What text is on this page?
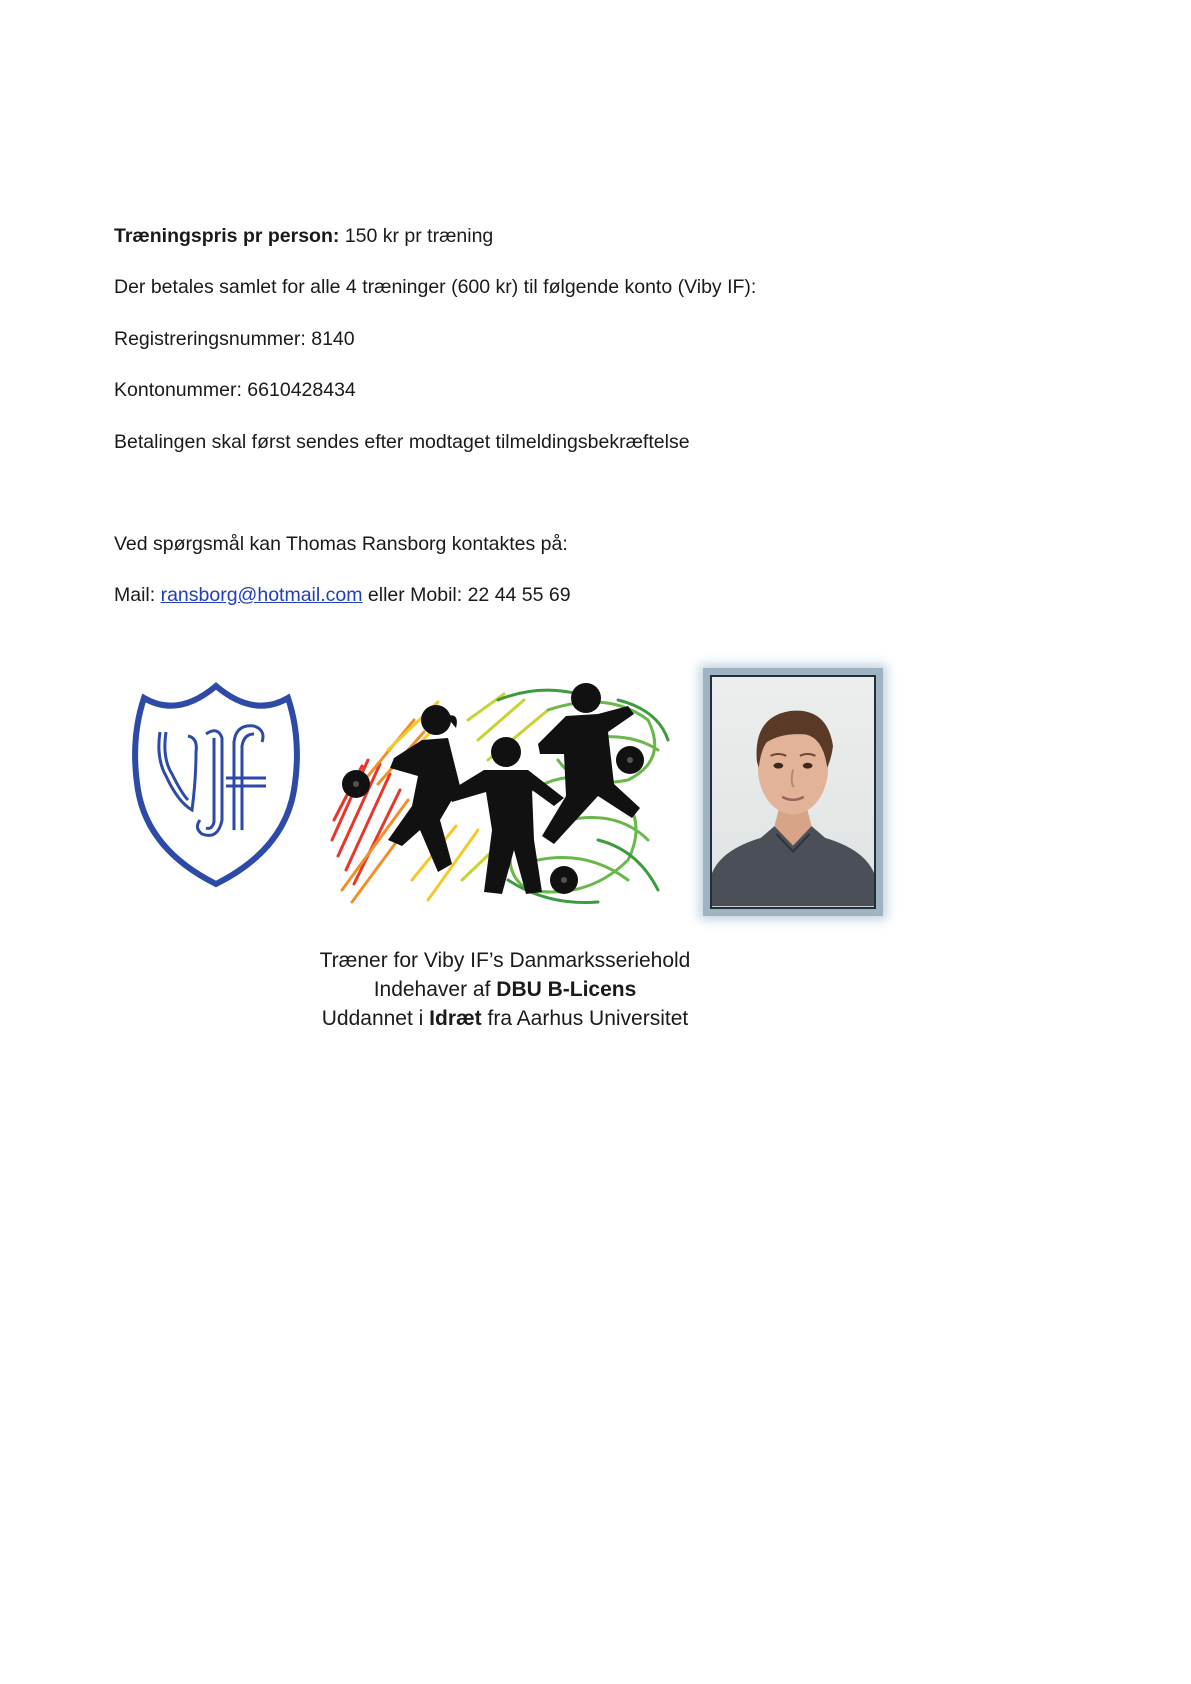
Træningspris pr person: 150 kr pr træning
Der betales samlet for alle 4 træninger (600 kr) til følgende konto (Viby IF):
Registreringsnummer: 8140
Kontonummer: 6610428434
Betalingen skal først sendes efter modtaget tilmeldingsbekræftelse
Ved spørgsmål kan Thomas Ransborg kontaktes på:
Mail: ransborg@hotmail.com eller Mobil: 22 44 55 69
Træner for Viby IF’s Danmarksseriehold
Indehaver af DBU B-Licens
Uddannet i Idræt fra Aarhus Universitet
